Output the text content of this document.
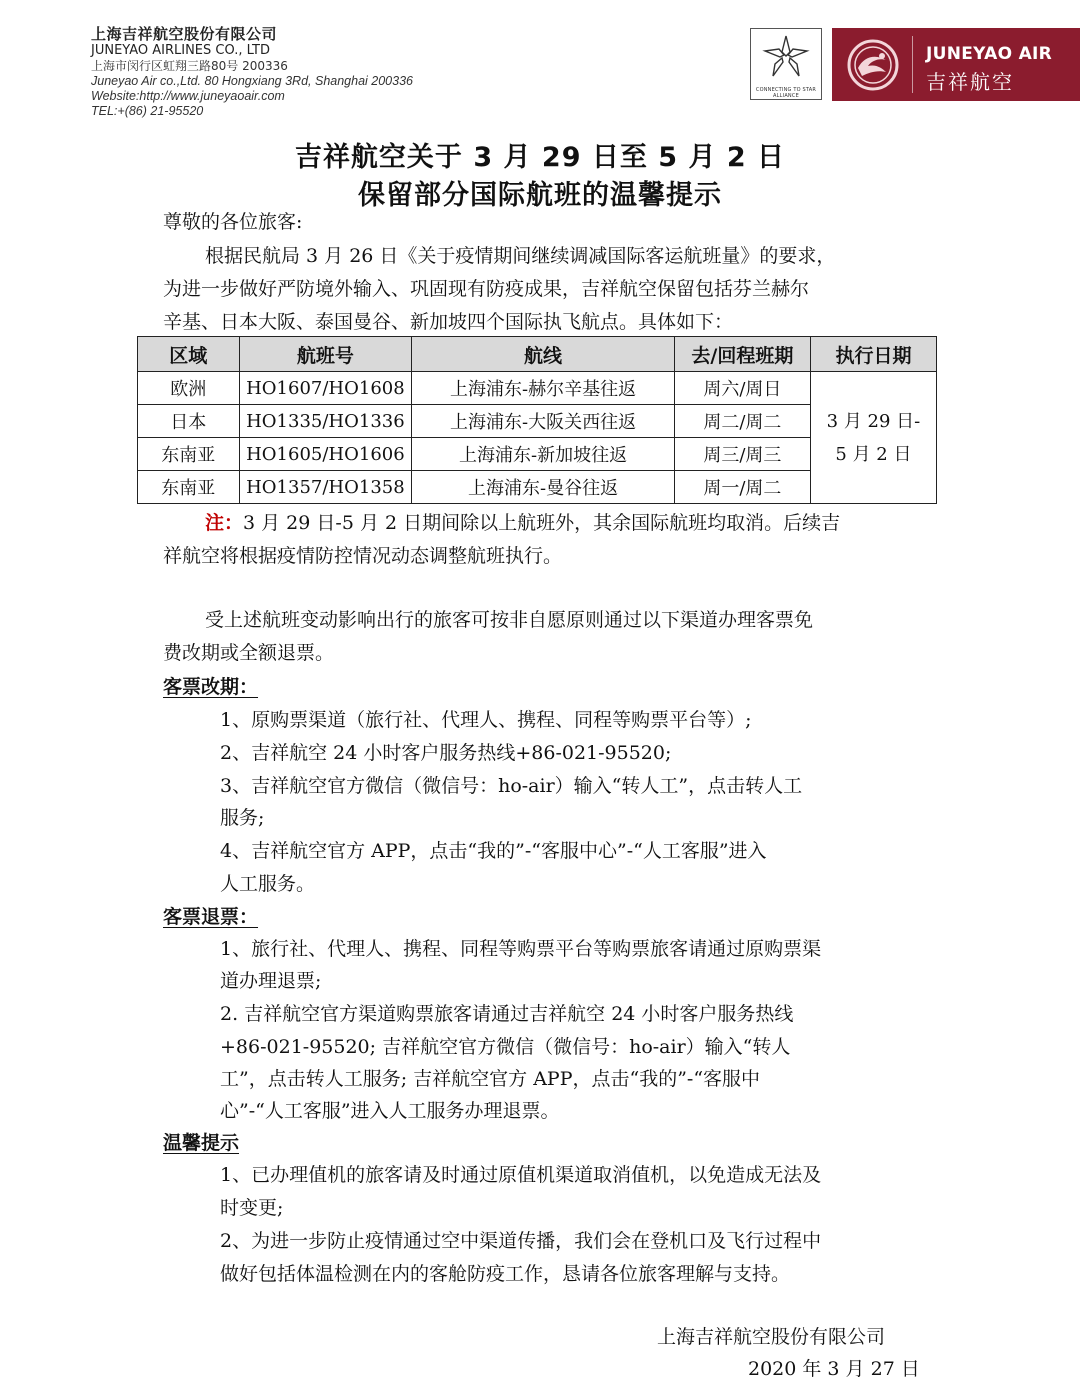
上海吉祥航空股份有限公司
JUNEYAO AIRLINES CO., LTD
上海市闵行区虹翔三路80号 200336
Juneyao Air co.,Ltd. 80 Hongxiang 3Rd, Shanghai 200336
Website:http://www.juneyaoair.com
TEL:+(86) 21-95520
CONNECTING TO STAR ALLIANCE
JUNEYAO AIR
吉祥航空
吉祥航空关于 3 月 29 日至 5 月 2 日
保留部分国际航班的温馨提示
尊敬的各位旅客:
根据民航局 3 月 26 日《关于疫情期间继续调减国际客运航班量》的要求，
为进一步做好严防境外输入、巩固现有防疫成果，吉祥航空保留包括芬兰赫尔
辛基、日本大阪、泰国曼谷、新加坡四个国际执飞航点。具体如下：
区域	航班号	航线	去/回程班期	执行日期
欧洲	HO1607/HO1608	上海浦东-赫尔辛基往返	周六/周日	3 月 29 日-
5 月 2 日

日本	HO1335/HO1336	上海浦东-大阪关西往返	周二/周二	
东南亚	HO1605/HO1606	上海浦东-新加坡往返	周三/周三	
东南亚	HO1357/HO1358	上海浦东-曼谷往返	周一/周二	
注：3 月 29 日-5 月 2 日期间除以上航班外，其余国际航班均取消。后续吉
祥航空将根据疫情防控情况动态调整航班执行。
受上述航班变动影响出行的旅客可按非自愿原则通过以下渠道办理客票免
费改期或全额退票。
客票改期：
1、原购票渠道（旅行社、代理人、携程、同程等购票平台等）;
2、吉祥航空 24 小时客户服务热线+86-021-95520;
3、吉祥航空官方微信（微信号：ho-air）输入“转人工”，点击转人工
服务;
4、吉祥航空官方 APP，点击“我的”-“客服中心”-“人工客服”进入
人工服务。
客票退票：
1、旅行社、代理人、携程、同程等购票平台等购票旅客请通过原购票渠
道办理退票;
2. 吉祥航空官方渠道购票旅客请通过吉祥航空 24 小时客户服务热线
+86-021-95520; 吉祥航空官方微信（微信号：ho-air）输入“转人
工”，点击转人工服务; 吉祥航空官方 APP，点击“我的”-“客服中
心”-“人工客服”进入人工服务办理退票。
温馨提示
1、已办理值机的旅客请及时通过原值机渠道取消值机，以免造成无法及
时变更;
2、为进一步防止疫情通过空中渠道传播，我们会在登机口及飞行过程中
做好包括体温检测在内的客舱防疫工作，恳请各位旅客理解与支持。
上海吉祥航空股份有限公司
2020 年 3 月 27 日
